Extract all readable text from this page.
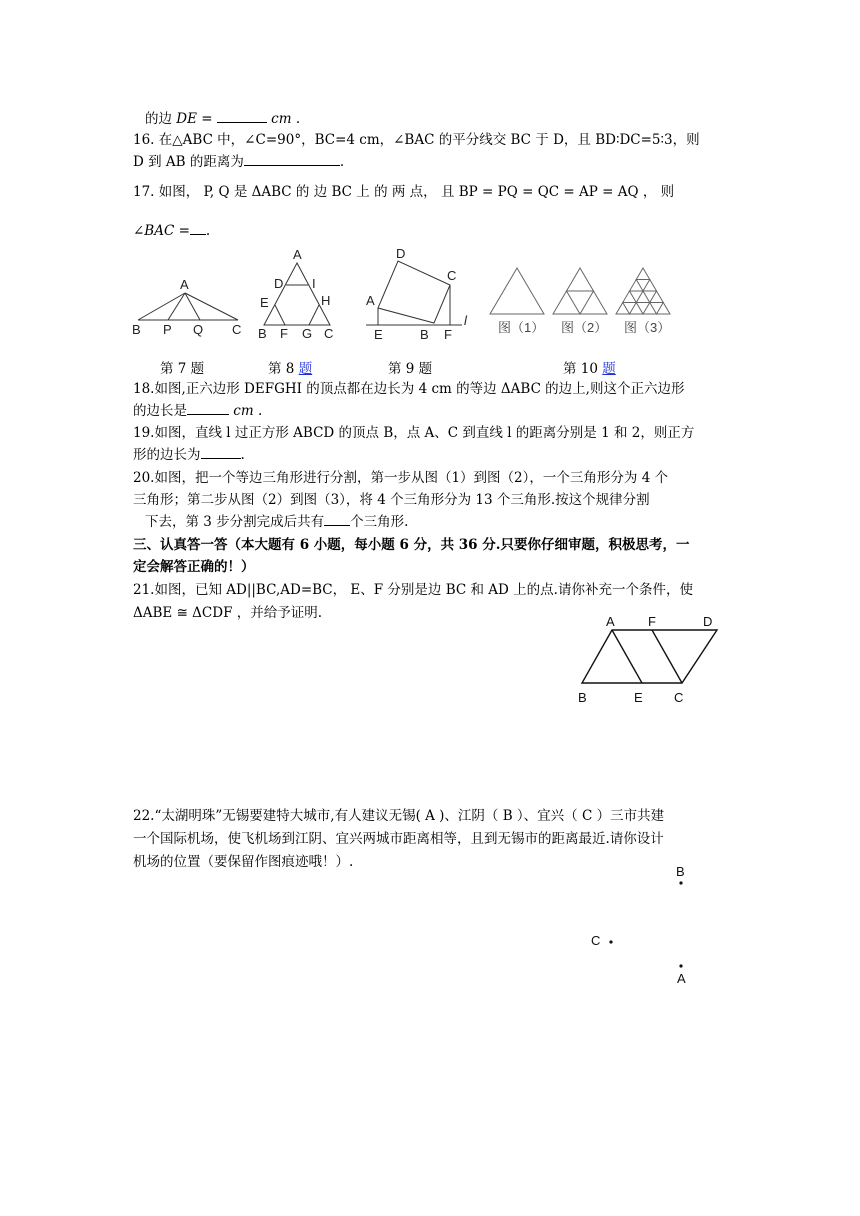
的边 DE =	cm .
16. 在△ABC 中，∠C=90°，BC=4 cm，∠BAC 的平分线交 BC 于 D，且 BD∶DC=5∶3，则
D 到 AB 的距离为	.
17. 如图， P, Q 是 ΔABC 的 边 BC 上 的 两 点， 且 BP = PQ = QC = AP = AQ ， 则
∠BAC = .
A
B P Q C
A
D I
E	H
B F G C
D
C
A
E	B F
l 图（1） 图（2） 图（3）
第 7 题	第 8 题	第 9 题	第 10 题
18.如图,正六边形 DEFGHI 的顶点都在边长为 4 cm 的等边 ΔABC 的边上,则这个正六边形
的边长是	cm .
19.如图，直线 l 过正方形 ABCD 的顶点 B，点 A、C 到直线 l 的距离分别是 1 和 2，则正方
形的边长为	.
20.如图，把一个等边三角形进行分割，第一步从图（1）到图（2），一个三角形分为 4 个
三角形；第二步从图（2）到图（3），将 4 个三角形分为 13 个三角形.按这个规律分割
下去，第 3 步分割完成后共有 个三角形.
三、认真答一答（本大题有 6 小题，每小题 6 分，共 36 分.只要你仔细审题，积极思考，一
定会解答正确的！）
21.如图，已知 AD||BC,AD=BC， E、F 分别是边 BC 和 AD 上的点.请你补充一个条件，使
ΔABE ≅ ΔCDF ，并给予证明.
A	F	D
B	E C
22.“太湖明珠”无锡要建特大城市,有人建议无锡( A )、江阴（ B ）、宜兴（ C ）三市共建
一个国际机场，使飞机场到江阴、宜兴两城市距离相等，且到无锡市的距离最近.请你设计
机场的位置（要保留作图痕迹哦！）.
B
C
A
